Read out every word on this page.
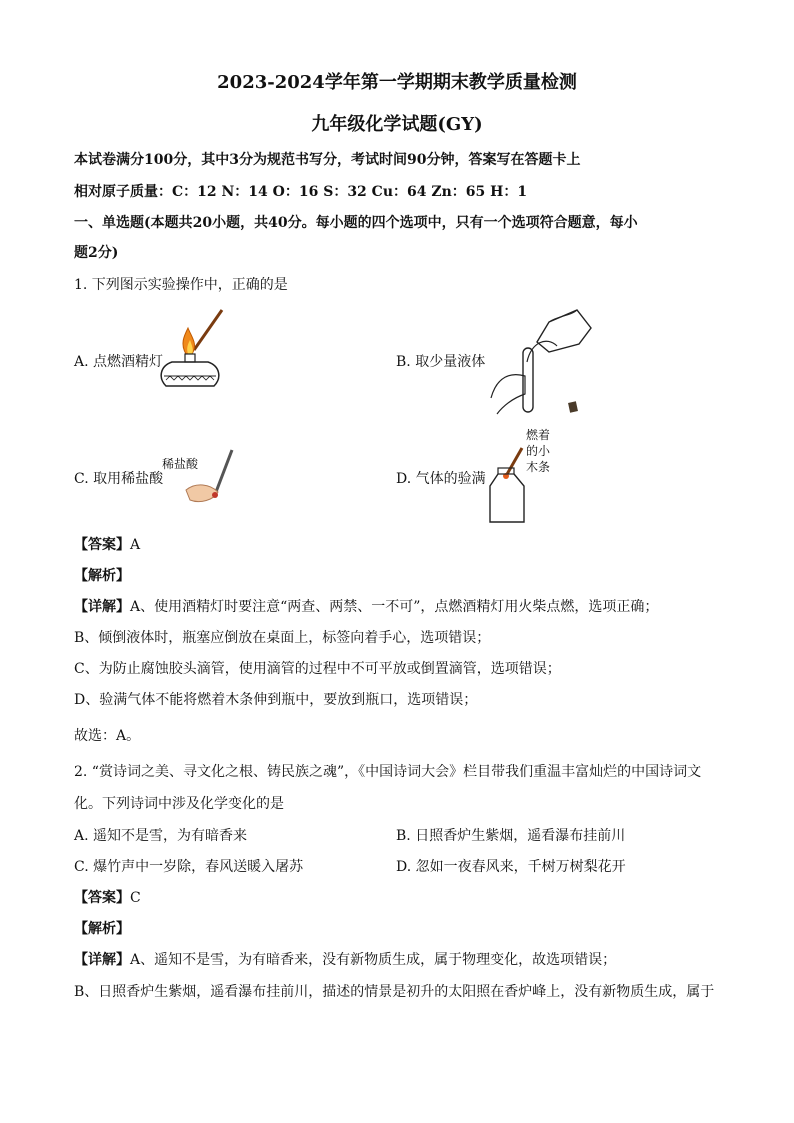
2023-2024学年第一学期期末教学质量检测
九年级化学试题(GY)
本试卷满分100分，其中3分为规范书写分，考试时间90分钟，答案写在答题卡上
相对原子质量：C：12 N：14 O：16 S：32 Cu：64 Zn：65 H：1
一、单选题(本题共20小题，共40分。每小题的四个选项中，只有一个选项符合题意，每小
题2分)
1. 下列图示实验操作中，正确的是
A. 点燃酒精灯	B. 取少量液体
C. 取用稀盐酸
稀盐酸
D. 气体的验满
燃着
的小
木条
【答案】A
【解析】
【详解】A、使用酒精灯时要注意“两查、两禁、一不可”，点燃酒精灯用火柴点燃，选项正确；
B、倾倒液体时，瓶塞应倒放在桌面上，标签向着手心，选项错误；
C、为防止腐蚀胶头滴管，使用滴管的过程中不可平放或倒置滴管，选项错误；
D、验满气体不能将燃着木条伸到瓶中，要放到瓶口，选项错误；
故选：A。
2. “赏诗词之美、寻文化之根、铸民族之魂”，《中国诗词大会》栏目带我们重温丰富灿烂的中国诗词文
化。下列诗词中涉及化学变化的是
A. 遥知不是雪，为有暗香来	B. 日照香炉生紫烟，遥看瀑布挂前川
C. 爆竹声中一岁除，春风送暖入屠苏	D. 忽如一夜春风来，千树万树梨花开
【答案】C
【解析】
【详解】A、遥知不是雪，为有暗香来，没有新物质生成，属于物理变化，故选项错误；
B、日照香炉生紫烟，遥看瀑布挂前川，描述的情景是初升的太阳照在香炉峰上，没有新物质生成，属于
